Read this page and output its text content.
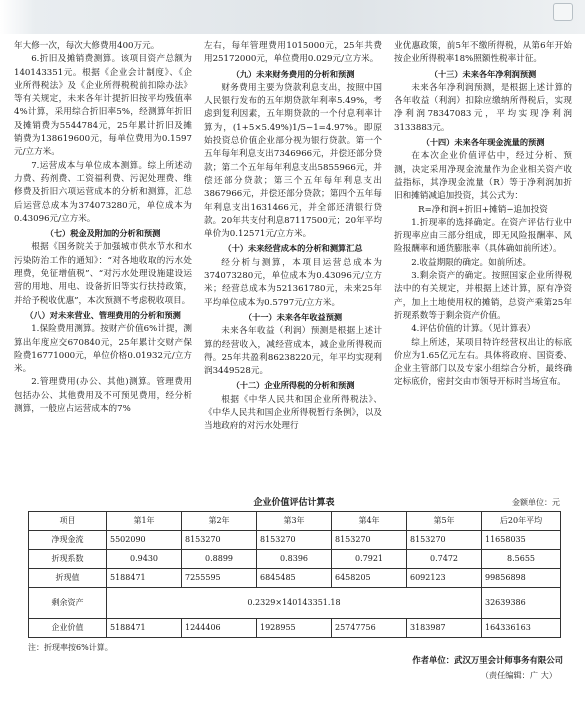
年大修一次，每次大修费用400万元。

6.折旧及摊销费测算。该项目资产总额为140143351元。根据《企业会计制度》、《企业所得税法》及《企业所得税税前扣除办法》等有关规定，未来各年计提折旧按平均残值率4%计算，采用综合折旧率5%，经测算年折旧及摊销费为5544784元，25年累计折旧及摊销费为138619600元，每单位费用为0.1597元/立方米。

7.运营成本与单位成本测算。综上所述动力费、药剂费、工资福利费、污泥处理费、维修费及折旧六项运营成本的分析和测算，汇总后运营总成本为374073280元，单位成本为0.43096元/立方米。

（七）税金及附加的分析和预测

根据《国务院关于加强城市供水节水和水污染防治工作的通知》：“对各地收取的污水处理费，免征增值税”、“对污水处理设施建设运营的用地、用电、设备折旧等实行扶持政策，并给予税收优惠”，本次预测不考虑税收项目。

（八）对未来营业、管理费用的分析和预测

1.保险费用测算。按财产价值6%计提，测算出年度应交670840元，25年累计交财产保险费16771000元，单位价格0.01932元/立方米。

2.管理费用(办公、其他)测算。管理费用包括办公、其他费用及不可预见费用，经分析测算，一般应占运营成本的7%

左右，每年管理费用1015000元，25年共费用25172000元，单位费用0.029元/立方米。

（九）未来财务费用的分析和预测

财务费用主要为贷款利息支出，按照中国人民银行发布的五年期贷款年利率5.49%，考虑到复利因素，五年期贷款的一个付息利率计算为，(1+5×5.49%)1/5−1=4.97%。即原始投资总价值企业部分视为银行贷款。第一个五年每年利息支出7346966元，并偿还部分贷款；第二个五年每年利息支出5855966元，并偿还部分贷款；第三个五年每年利息支出3867966元，并偿还部分贷款；第四个五年每年利息支出1631466元，并全部还清银行贷款。20年共支付利息87117500元；20年平均单价为0.12571元/立方米。

（十）未来经营成本的分析和测算汇总

经分析与测算，本项目运营总成本为374073280元，单位成本为0.43096元/立方米；经营总成本为521361780元，未来25年平均单位成本为0.5797元/立方米。

（十一）未来各年收益预测

未来各年收益（利润）预测是根据上述计算的经营收入，减经营成本，减企业所得税而得。25年共盈利86238220元，年平均实现利润3449528元。

（十二）企业所得税的分析和预测

根据《中华人民共和国企业所得税法》、《中华人民共和国企业所得税暂行条例》，以及当地政府的对污水处理行

业优惠政策，前5年不缴所得税，从第6年开始按企业所得税率18%照额性税率计征。

（十三）未来各年净利润预测

未来各年净利润预测，是根据上述计算的各年收益（利润）扣除应缴纳所得税后，实现净利润78347083元，平均实现净利润3133883元。

（十四）未来各年现金流量的预测

在本次企业价值评估中，经过分析、预测，决定采用净现金流量作为企业相关资产收益指标，其净现金流量（R）等于净利润加折旧和摊销减追加投资，其公式为：

R=净和润+折旧+摊销−追加投资

1.折现率的选择确定。在资产评估行业中折现率应由三部分组成，即无风险报酬率、风险报酬率和通货膨胀率（具体确如前所述）。

2.收益期限的确定。如前所述。

3.剩余资产的确定。按照国家企业所得税法中的有关规定，并根据上述计算，原有净资产，加上土地使用权的摊销，总资产乘第25年折现系数等于剩余资产价值。

4.评估价值的计算。（见计算表）

综上所述，某项目特许经营权出让的标底价应为1.65亿元左右。具体将政府、国资委、企业主管部门以及专家小组综合分析，最终确定标底价，密封交由市领导开标时当场宣布。

企业价值评估计算表	金额单位：元
项目	第1年	第2年	第3年	第4年	第5年	后20年平均
净现金流	5502090	8153270	8153270	8153270	8153270	11658035
折现系数	0.9430	0.8899	0.8396	0.7921	0.7472	8.5655
折现值	5188471	7255595	6845485	6458205	6092123	99856898
剩余资产	0.2329×140143351.18					32639386
企业价值	5188471	1244406	1928955	25747756	3183987	164336163
注：折现率按6%计算。
作者单位：武汉万里会计师事务有限公司
（责任编辑：广 大）
